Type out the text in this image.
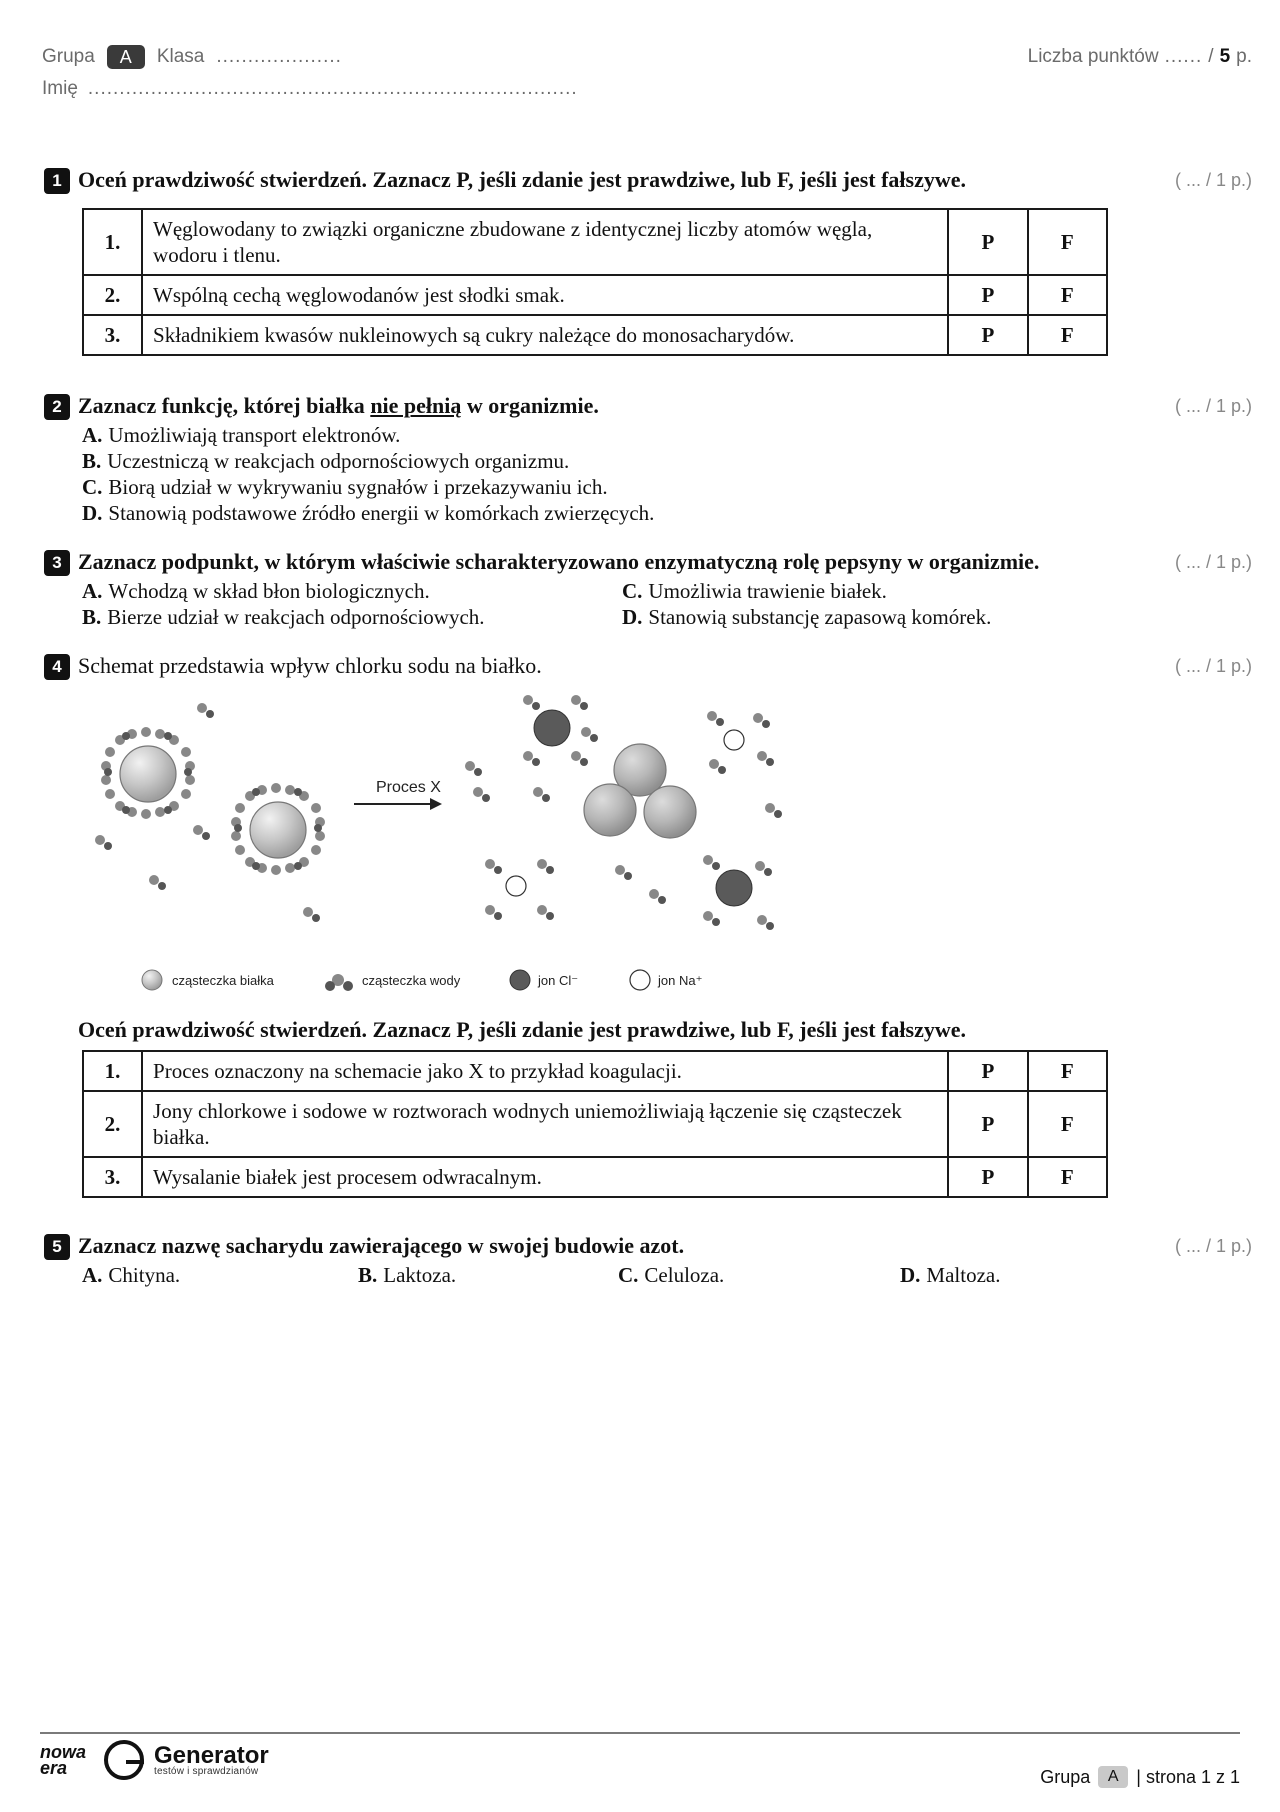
Grupa	A	Klasa ....................	Liczba punktów ...... / 5 p.
Imię ..............................................................................
1 Oceń prawdziwość stwierdzeń. Zaznacz P, jeśli zdanie jest prawdziwe, lub F, jeśli jest fałszywe.	( ... / 1 p.)
1.	Węglowodany to związki organiczne zbudowane z identycznej liczby atomów węgla, wodoru i tlenu.	P	F
2.	Wspólną cechą węglowodanów jest słodki smak.	P	F
3.	Składnikiem kwasów nukleinowych są cukry należące do monosacharydów.	P	F
2 Zaznacz funkcję, której białka nie pełnią w organizmie.	( ... / 1 p.)
A. Umożliwiają transport elektronów.
B. Uczestniczą w reakcjach odpornościowych organizmu.
C. Biorą udział w wykrywaniu sygnałów i przekazywaniu ich.
D. Stanowią podstawowe źródło energii w komórkach zwierzęcych.
3 Zaznacz podpunkt, w którym właściwie scharakteryzowano enzymatyczną rolę pepsyny w organizmie.	( ... / 1 p.)
A. Wchodzą w skład błon biologicznych.	C. Umożliwia trawienie białek.
B. Bierze udział w reakcjach odpornościowych.	D. Stanowią substancję zapasową komórek.
4 Schemat przedstawia wpływ chlorku sodu na białko.	( ... / 1 p.)
Proces X
cząsteczka białka	cząsteczka wody	jon Cl⁻	jon Na⁺
Oceń prawdziwość stwierdzeń. Zaznacz P, jeśli zdanie jest prawdziwe, lub F, jeśli jest fałszywe.
1.	Proces oznaczony na schemacie jako X to przykład koagulacji.	P	F
2.	Jony chlorkowe i sodowe w roztworach wodnych uniemożliwiają łączenie się cząsteczek białka.	P	F
3.	Wysalanie białek jest procesem odwracalnym.	P	F
5 Zaznacz nazwę sacharydu zawierającego w swojej budowie azot.	( ... / 1 p.)
A. Chityna.	B. Laktoza.	C. Celuloza.	D. Maltoza.
nowa
era	Generator
testów i sprawdzianów	Grupa	A | strona 1 z 1
